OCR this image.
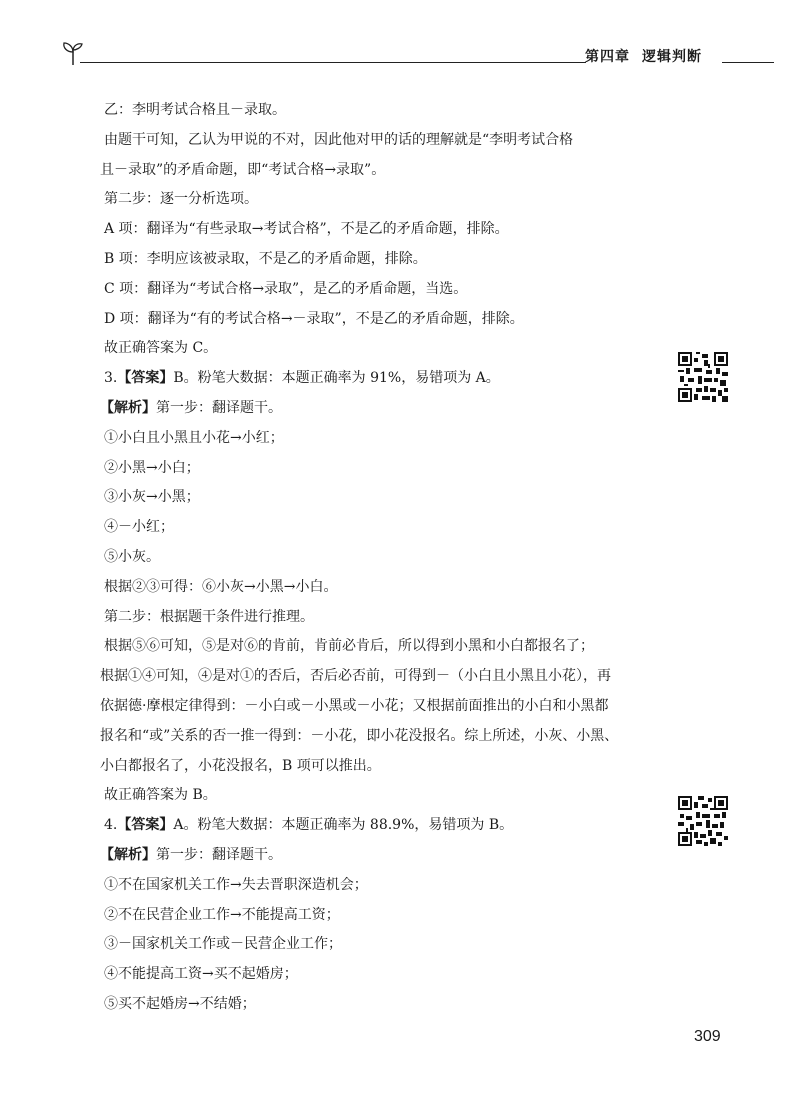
第四章 逻辑判断
乙：李明考试合格且－录取。
由题干可知，乙认为甲说的不对，因此他对甲的话的理解就是“李明考试合格
且－录取”的矛盾命题，即“考试合格→录取”。
第二步：逐一分析选项。
A 项：翻译为“有些录取→考试合格”，不是乙的矛盾命题，排除。
B 项：李明应该被录取，不是乙的矛盾命题，排除。
C 项：翻译为“考试合格→录取”，是乙的矛盾命题，当选。
D 项：翻译为“有的考试合格→－录取”，不是乙的矛盾命题，排除。
故正确答案为 C。
3.【答案】B。粉笔大数据：本题正确率为 91%，易错项为 A。
【解析】第一步：翻译题干。
①小白且小黑且小花→小红；
②小黑→小白；
③小灰→小黑；
④－小红；
⑤小灰。
根据②③可得：⑥小灰→小黑→小白。
第二步：根据题干条件进行推理。
根据⑤⑥可知，⑤是对⑥的肯前，肯前必肯后，所以得到小黑和小白都报名了；
根据①④可知，④是对①的否后，否后必否前，可得到－（小白且小黑且小花），再
依据德·摩根定律得到：－小白或－小黑或－小花；又根据前面推出的小白和小黑都
报名和“或”关系的否一推一得到：－小花，即小花没报名。综上所述，小灰、小黑、
小白都报名了，小花没报名，B 项可以推出。
故正确答案为 B。
4.【答案】A。粉笔大数据：本题正确率为 88.9%，易错项为 B。
【解析】第一步：翻译题干。
①不在国家机关工作→失去晋职深造机会；
②不在民营企业工作→不能提高工资；
③－国家机关工作或－民营企业工作；
④不能提高工资→买不起婚房；
⑤买不起婚房→不结婚；
309
